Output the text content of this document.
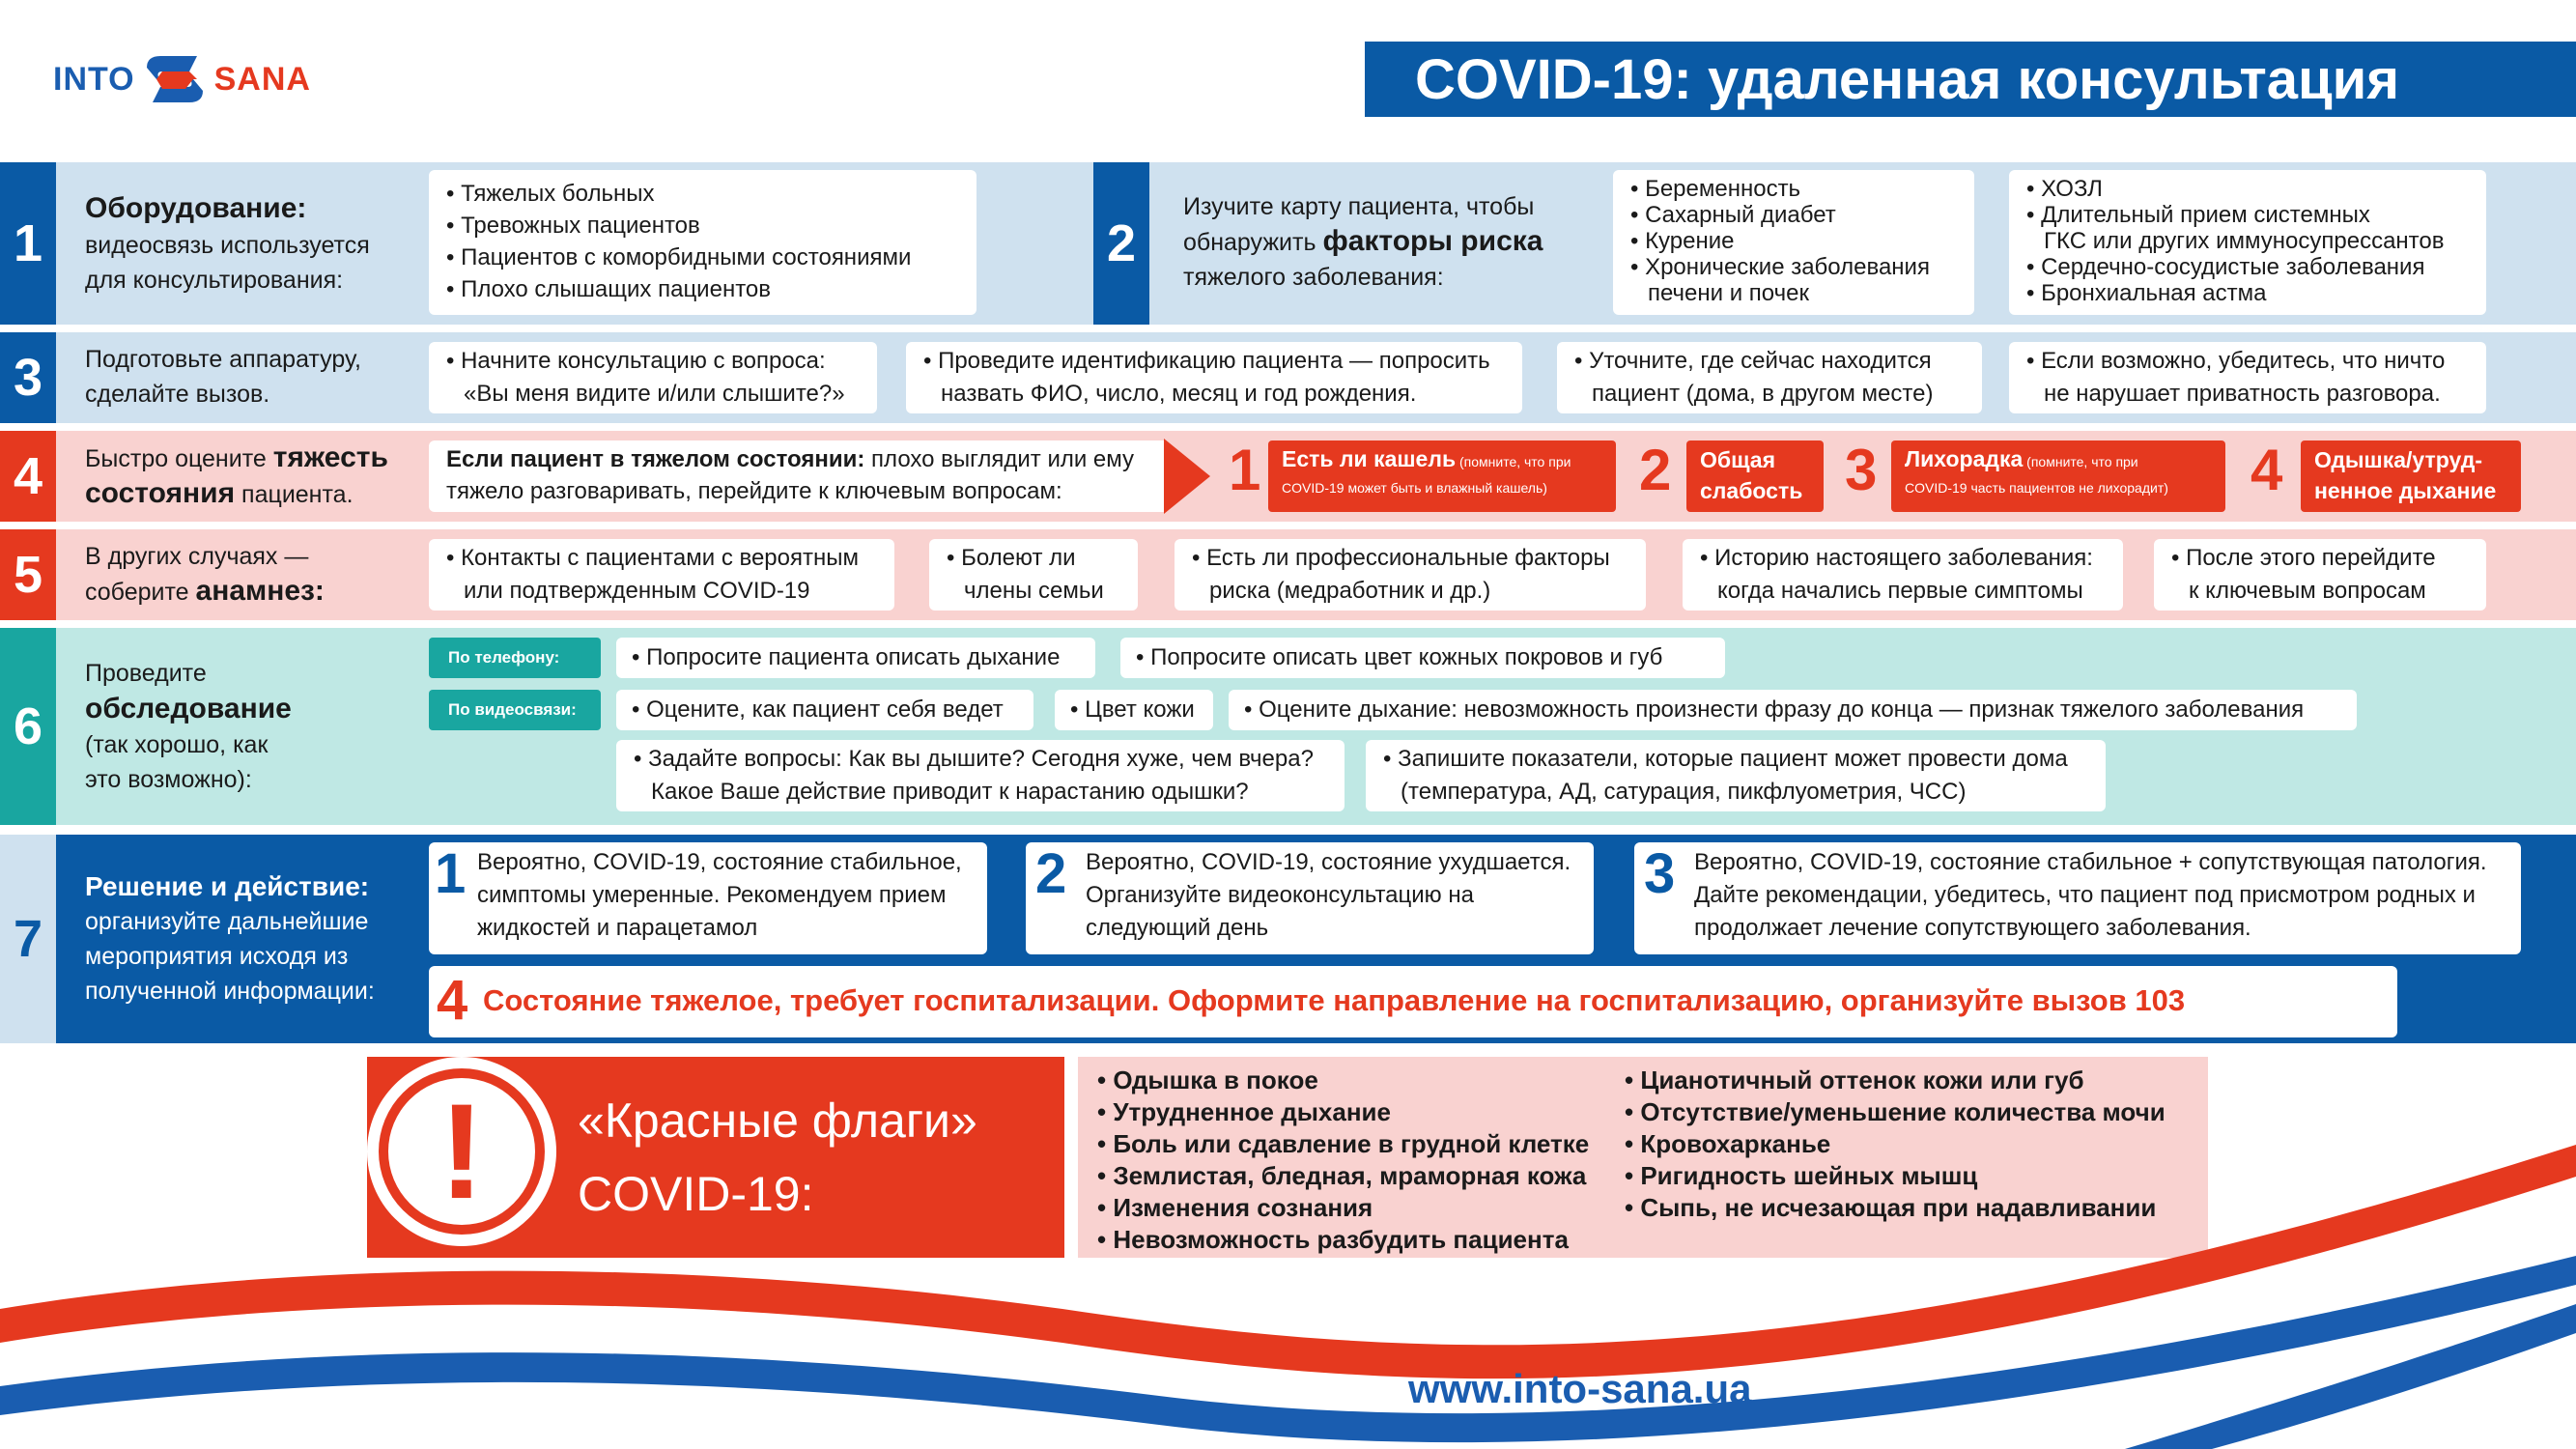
INTO SANA	COVID-19: удаленная консультация
1
Оборудование:
видеосвязь используется
для консультирования:
• Тяжелых больных
• Тревожных пациентов
• Пациентов с коморбидными состояниями
• Плохо слышащих пациентов
2
Изучите карту пациента, чтобы
обнаружить факторы риска
тяжелого заболевания:
• Беременность
• Сахарный диабет
• Курение
• Хронические заболевания
печени и почек
• ХОЗЛ
• Длительный прием системных
ГКС или других иммуносупрессантов
• Сердечно-сосудистые заболевания
• Бронхиальная астма
3	Подготовьте аппаратуру,
сделайте вызов.
• Начните консультацию с вопроса:
«Вы меня видите и/или слышите?»
• Проведите идентификацию пациента — попросить
назвать ФИО, число, месяц и год рождения.
• Уточните, где сейчас находится
пациент (дома, в другом месте)
• Если возможно, убедитесь, что ничто
не нарушает приватность разговора.
4	Быстро оцените тяжесть
состояния пациента.
Если пациент в тяжелом состоянии: плохо выглядит или ему
тяжело разговаривать, перейдите к ключевым вопросам:	1 Есть ли кашель (помните, что при
COVID-19 может быть и влажный кашель)	2 Общая
слабость 3 Лихорадка (помните, что при
COVID-19 часть пациентов не лихорадит)	4 Одышка/утруд-
ненное дыхание
5	В других случаях —
соберите анамнез:
• Контакты с пациентами с вероятным
или подтвержденным COVID-19
• Болеют ли
члены семьи
• Есть ли профессиональные факторы
риска (медработник и др.)
• Историю настоящего заболевания:
когда начались первые симптомы
• После этого перейдите
к ключевым вопросам
6
Проведите
обследование
(так хорошо, как
это возможно):
По телефону:
По видеосвязи:
• Попросите пациента описать дыхание	• Попросите описать цвет кожных покровов и губ
• Оцените, как пациент себя ведет	• Цвет кожи • Оцените дыхание: невозможность произнести фразу до конца — признак тяжелого заболевания
• Задайте вопросы: Как вы дышите? Сегодня хуже, чем вчера?
Какое Ваше действие приводит к нарастанию одышки?
• Запишите показатели, которые пациент может провести дома
(температура, АД, сатурация, пикфлуометрия, ЧСС)
7
Решение и действие:
организуйте дальнейшие
мероприятия исходя из
полученной информации:
1 Вероятно, COVID-19, состояние стабильное,
симптомы умеренные. Рекомендуем прием
жидкостей и парацетамол
2 Вероятно, COVID-19, состояние ухудшается.
Организуйте видеоконсультацию на
следующий день
3 Вероятно, COVID-19, состояние стабильное + сопутствующая патология.
Дайте рекомендации, убедитесь, что пациент под присмотром родных и
продолжает лечение сопутствующего заболевания.
4 Состояние тяжелое, требует госпитализации. Оформите направление на госпитализацию, организуйте вызов 103
! «Красные флаги»
COVID-19:
• Одышка в покое
• Утрудненное дыхание
• Боль или сдавление в грудной клетке
• Землистая, бледная, мраморная кожа
• Изменения сознания
• Невозможность разбудить пациента
• Цианотичный оттенок кожи или губ
• Отсутствие/уменьшение количества мочи
• Кровохарканье
• Ригидность шейных мышц
• Сыпь, не исчезающая при надавливании
www.into-sana.ua
